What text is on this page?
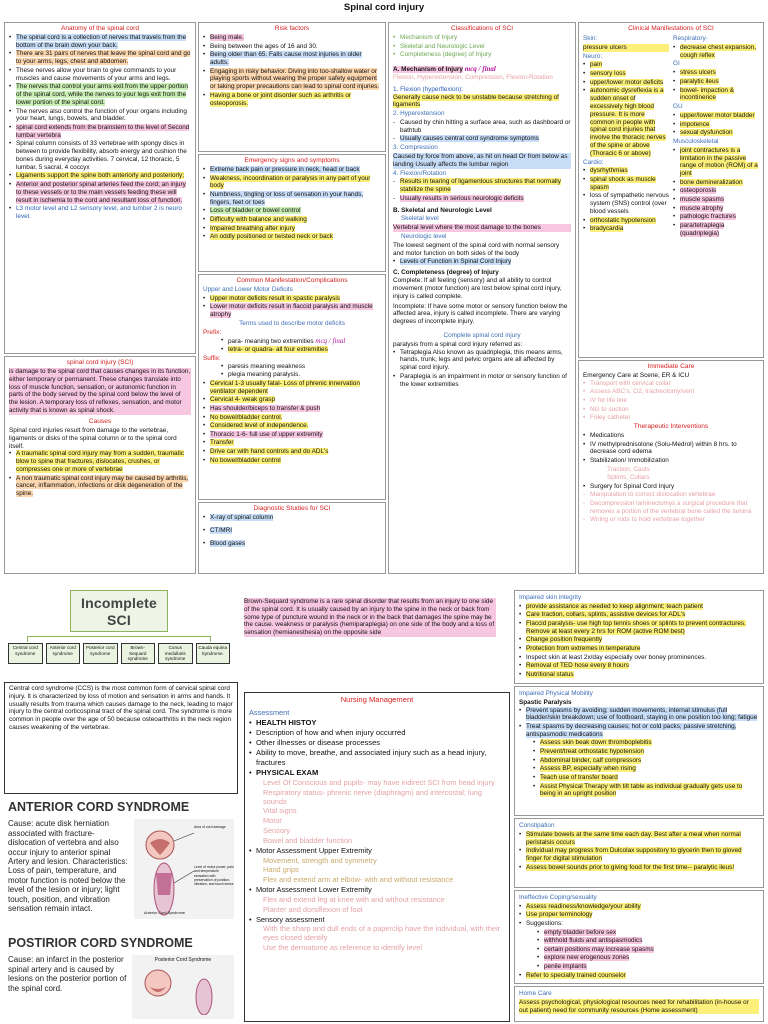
Spinal cord injury
Anatomy of the spinal cord
• The spinal cord is a collection of nerves that travels from the bottom of the brain down your back.
• There are 31 pairs of nerves that leave the spinal cord and go to your arms, legs, chest and abdomen.
• These nerves allow your brain to give commands to your muscles and cause movements of your arms and legs.
• The nerves that control your arms exit from the upper portion of the spinal cord, while the nerves to your legs exit from the lower portion of the spinal cord.
• The nerves also control the function of your organs including your heart, lungs, bowels, and bladder.
• spinal cord extends from the brainstem to the level of Second lumbar vertebra
• Spinal column consists of 33 vertebrae with spongy discs in between to provide flexibility, absorb energy and cushion the bones during everyday activities. 7 cervical, 12 thoracic, 5 lumbar, 5 sacral, 4 coccyx
• Ligaments support the spine both anteriorly and posteriorly;
• Anterior and posterior spinal arteries feed the cord; an injury to these vessels or to the main vessels feeding these will result in ischemia to the cord and resultant loss of function.
• L3 motor level and L2 sensory level, and lumber 2 is neuro level.
spinal cord injury (SCI)
is damage to the spinal cord that causes changes in its function, either temporary or permanent. These changes translate into loss of muscle function, sensation, or autonomic function in parts of the body served by the spinal cord below the level of the lesion. A temporary loss of reflexes, sensation, and motor activity that is known as spinal shock.
Causes
Spinal cord injuries result from damage to the vertebrae, ligaments or disks of the spinal column or to the spinal cord itself.
• A traumatic spinal cord injury may from a sudden, traumatic blow to spine that fractures, dislocates, crushes, or compresses one or more of vertebrae
• A non traumatic spinal cord injury may be caused by arthritis, cancer, inflammation, infections or disk degeneration of the spine.
Risk factors
• Being male.
• Being between the ages of 16 and 30.
• Being older than 65. Falls cause most injuries in older adults.
• Engaging in risky behavior. Diving into too-shallow water or playing sports without wearing the proper safety equipment or taking proper precautions can lead to spinal cord injuries.
• Having a bone or joint disorder such as arthritis or osteoporosis.
Emergency signs and symptoms
• Extreme back pain or pressure in neck, head or back
• Weakness, incoordination or paralysis in any part of your body
• Numbness, tingling or loss of sensation in your hands, fingers, feet or toes
• Loss of bladder or bowel control
• Difficulty with balance and walking
• Impaired breathing after injury
• An oddly positioned or twisted neck or back
Common Manifestation/Complications
Upper and Lower Motor Deficits
• Upper motor deficits result in spastic paralysis
• Lower motor deficits result in flaccid paralysis and muscle atrophy
Terms used to describe motor deficits
Prefix:
• para- meaning two extremities mcq / final
• tetra- or quadra- all four extremities
Suffix:
• paresis meaning weakness
• plegia meaning paralysis.
• Cervical 1-3 usually fatal- Loss of phrenic innervation ventilator dependent
• Cervical 4- weak grasp
• Has shoulder/biceps to transfer & push
• No bowel/bladder control.
• Considered level of independence.
• Thoracic 1-6- full use of upper extremity
• Transfer
• Drive car with hand controls and do ADL's
• No bowel/bladder control
Diagnostic Studies for SCI
• X-ray of spinal column
• CT/MRI
• Blood gases
Classifications of SCI
• Mechanism of Injury
• Skeletal and Neurologic Level
• Completeness (degree) of Injury
A. Mechanism of Injury mcq / final
Flexion, Hyperextension, Compression, Flexion-Rotation
1. Flexion (hyperflexion):
Generally cause neck to be unstable because stretching of ligaments
2. Hyperextension
- Caused by chin hitting a surface area, such as dashboard or bathtub
- Usually causes central cord syndrome symptoms
3. Compression
Caused by force from above, as hit on head Or from below as landing Usually affects the lumbar region
4. Flexion/Rotation
- Results in tearing of ligamentous structures that normally stabilize the spine
- Usually results in serious neurologic deficits
B. Skeletal and Neurologic Level
Skeletal level
Vertebral level where the most damage to the bones
Neurologic level
The lowest segment of the spinal cord with normal sensory and motor function on both sides of the body
• Levels of Function in Spinal Cord Injury
C. Completeness (degree) of Injury
Complete: If all feeling (sensory) and all ability to control movement (motor function) are lost below spinal cord injury, injury is called complete.
Incomplete: If have some motor or sensory function below the affected area, injury is called incomplete. There are varying degrees of incomplete injury.
Complete spinal cord injury
paralysis from a spinal cord injury referred as:
• Tetraplegia Also known as quadriplegia, this means arms, hands, trunk, legs and pelvic organs are all affected by spinal cord injury.
• Paraplegia is an impairment in motor or sensory function of the lower extremities
Clinical Manifestations of SCI
Skin:
pressure ulcers
Neuro:
• pain
• sensory loss
• upper/lower motor deficits
• autonomic dysreflexia is a sudden onset of excessively high blood pressure. It is more common in people with spinal cord injuries that involve the thoracic nerves of the spine or above (Thoracic 6 or above)
Cardio:
• dysrhythmias
• spinal shock as muscle spasm
• loss of sympathetic nervous system (SNS) control (over blood vessels
• orthostatic hypotension
• bradycardia
Respiratory-
• decrease chest expansion, cough reflex
GI
• stress ulcers
• paralytic ileus
• bowel- impaction & incontinence
GU
• upper/lower motor bladder
• impotence
• sexual dysfunction
Musculoskeletal
• joint contractures is a limitation in the passive range of motion (ROM) of a joint
• bone demineralization
• osteoporosis
• muscle spasms
• muscle atrophy
• pathologic fractures
• para/tetraplegia (quadriplegia)
Immediate Care
Emergency Care at Scene, ER & ICU
• Transport with cervical collar
• Assess ABC's, O2, tracheotomy/vent
• IV for life line
• NG to suction
• Foley catheter
Therapeutic Interventions
• Medications
• IV methylprednisolone (Solu-Medrol) within 8 hrs. to decrease cord edema
• Stabilization/ Immobilization
Traction, Casts
Splints, Collars
• Surgery for Spinal Cord Injury
- Manipulation to correct dislocation vertebrae
- Decompression laminectomys a surgical procedure that removes a portion of the vertebral bone called the lamina
- Wiring or rods to hold vertebrae together
Incomplete
SCI
Central cord syndrome
Anterior cord syndrome
Posterior cord syndrome
Brown-Sequard syndrome
Conus medullaris syndrome
Cauda equina Syndrome.
Central cord syndrome (CCS) is the most common form of cervical spinal cord injury. It is characterized by loss of motion and sensation in arms and hands. It usually results from trauma which causes damage to the neck, leading to major injury to the central corticospinal tract of the spinal cord. The syndrome is more common in people over the age of 50 because osteoarthritis in the neck region causes weakening of the vertebrae.
Brown-Sequard syndrome is a rare spinal disorder that results from an injury to one side of the spinal cord. It is usually caused by an injury to the spine in the neck or back from some type of puncture wound in the neck or in the back that damages the spine may be the cause. weakness or paralysis (hemiparaplegia) on one side of the body and a loss of sensation (hemianesthesia) on the opposite side
ANTERIOR CORD SYNDROME
Cause: acute disk herniation associated with fracture-dislocation of vertebra and also occur injury to anterior spinal Artery and lesion. Characteristics: Loss of pain, temperature, and motor function is noted below the level of the lesion or injury; light touch, position, and vibration sensation remain intact.
Area of cord damage
Level of motor power, pain and temperature sensation with preservation of position, vibration, and touch sense
Anterior Cord Syndrome
POSTIRIOR CORD SYNDROME
Cause: an infarct in the posterior spinal artery and is caused by lesions on the posterior portion of the spinal cord.
Posterior Cord Syndrome
Nursing Management
Assessment
• HEALTH HISTOY
• Description of how and when injury occurred
• Other illnesses or disease processes
• Ability to move, breathe, and associated injury such as a head injury, fractures
• PHYSICAL EXAM
Level Of Conscious and pupils- may have indirect SCI from head injury
Respiratory status- phrenic nerve (diaphragm) and intercostal; lung sounds
Vital signs
Motor
Sensory
Bowel and bladder function
• Motor Assessment Upper Extremity
Movement, strength and symmetry
Hand grips
Flex and extend arm at elbow- with and without resistance
• Motor Assessment Lower Extremity
Flex and extend leg at knee with and without resistance
Planter and dorsiflexion of foot
• Sensory assessment
With the sharp and dull ends of a paperclip have the individual, with their eyes closed identify
Use the dermatome as reference to identify level
Impaired skin integrity
• provide assistance as needed to keep alignment; teach patient
• Care traction, collars, splints, assistive devices for ADL's
• Flaccid paralysis- use high top tennis shoes or splints to prevent contractures. Remove at least every 2 hrs for ROM (active ROM best)
• Change position frequently
• Protection from extremes in temperature
• Inspect skin at least 2x/day especially over boney prominences.
• Removal of TED hose every 8 hours
• Nutritional status
Impaired Physical Mobility
Spastic Paralysis
• Prevent spasms by avoiding; sudden movements, internal stimulus (full bladder/skin breakdown; use of footboard, staying in one position too long; fatigue
• Treat spasms by decreasing causes; hot or cold packs; passive stretching, antispasmodic medications
• Assess skin beak down thromboplebitis
• Prevent/treat orthostatic hypotension
• Abdominal binder, calf compressors
• Assess BP, especially when rising
• Teach use of transfer board
• Assist Physical Therapy with tilt table as individual gradually gets use to being in an upright position
Constipation
• Stimulate bowels at the same time each day. Best after a meal when normal peristalsis occurs
• Individual may progress from Dulcolax suppository to glycerin then to gloved finger for digital stimulation
• Assess bowel sounds prior to giving food for the first time-- paralytic ileus!
Ineffective Coping/sexuality
• Assess readiness/knowledge/your ability
• Use proper terminology
• Suggestions:
• empty bladder before sex
• withhold fluids and antispasmodics
• certain positions may increase spasms
• explore new erogenous zones
• penile implants
• Refer to specially trained counselor
Home Care
Assess psychological, physiological resources need for rehabilitation (in-house or out patient) need for community resources (Home assessment)
